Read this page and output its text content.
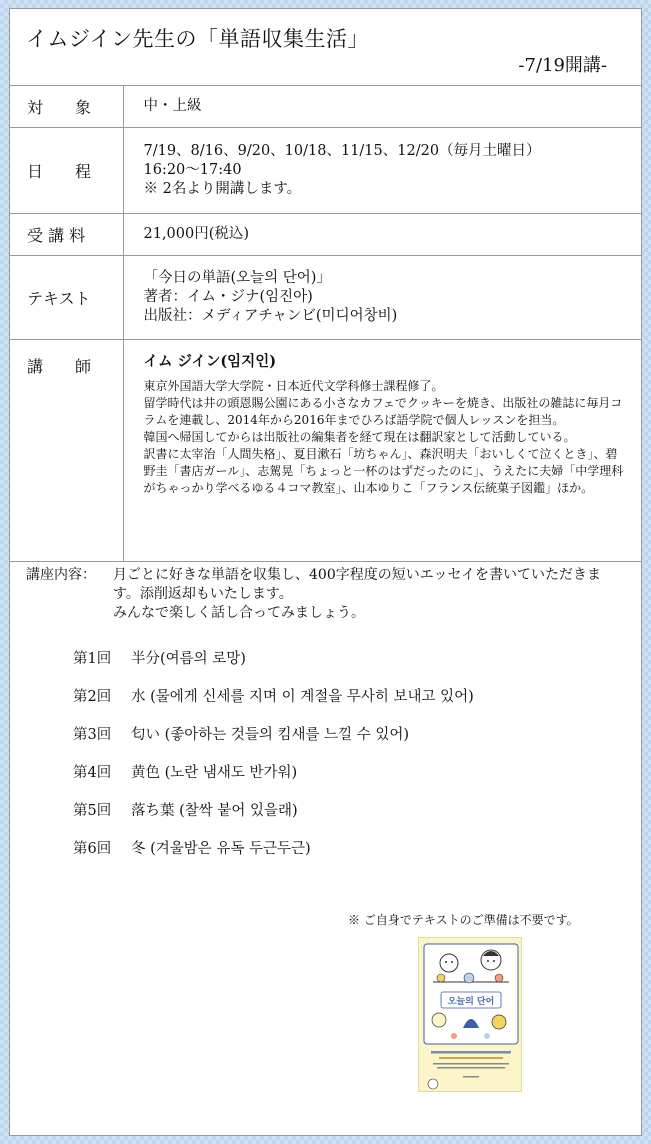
イムジイン先生の「単語収集生活」
-7/19開講-
対　　象	中・上級
日　　程	7/19、8/16、9/20、10/18、11/15、12/20（毎月土曜日）
16:20〜17:40
※ 2名より開講します。

受 講 料	21,000円(税込)
テキスト	「今日の単語(오늘의 단어)」
著者：イム・ジナ(임진아)
出版社：メディアチャンビ(미디어창비)

講　　師	イム ジイン(임지인)
東京外国語大学大学院・日本近代文学科修士課程修了。
留学時代は井の頭恩賜公園にある小さなカフェでクッキーを焼き、出版社の雑誌に毎月コラムを連載し、2014年から2016年までひろば語学院で個人レッスンを担当。
韓国へ帰国してからは出版社の編集者を経て現在は翻訳家として活動している。
訳書に太宰治「人間失格」、夏目漱石「坊ちゃん」、森沢明夫「おいしくて泣くとき」、碧野圭「書店ガール」、志駕晃「ちょっと一杯のはずだったのに」、うえたに夫婦「中学理科がちゃっかり学べるゆる４コマ教室」、山本ゆりこ「フランス伝統菓子図鑑」ほか。
講座内容： 月ごとに好きな単語を収集し、400字程度の短いエッセイを書いていただきます。添削返却もいたします。
みんなで楽しく話し合ってみましょう。
第1回 半分(여름의 로망)
第2回 水 (물에게 신세를 지며 이 계절을 무사히 보내고 있어)
第3回 匂い (좋아하는 것들의 킴새를 느낄 수 있어)
第4回 黄色 (노란 냄새도 반가워)
第5回 落ち葉 (찰싹 붙어 있을래)
第6回 冬 (겨울밤은 유독 두근두근)
※ ご自身でテキストのご準備は不要です。
오늘의 단어
